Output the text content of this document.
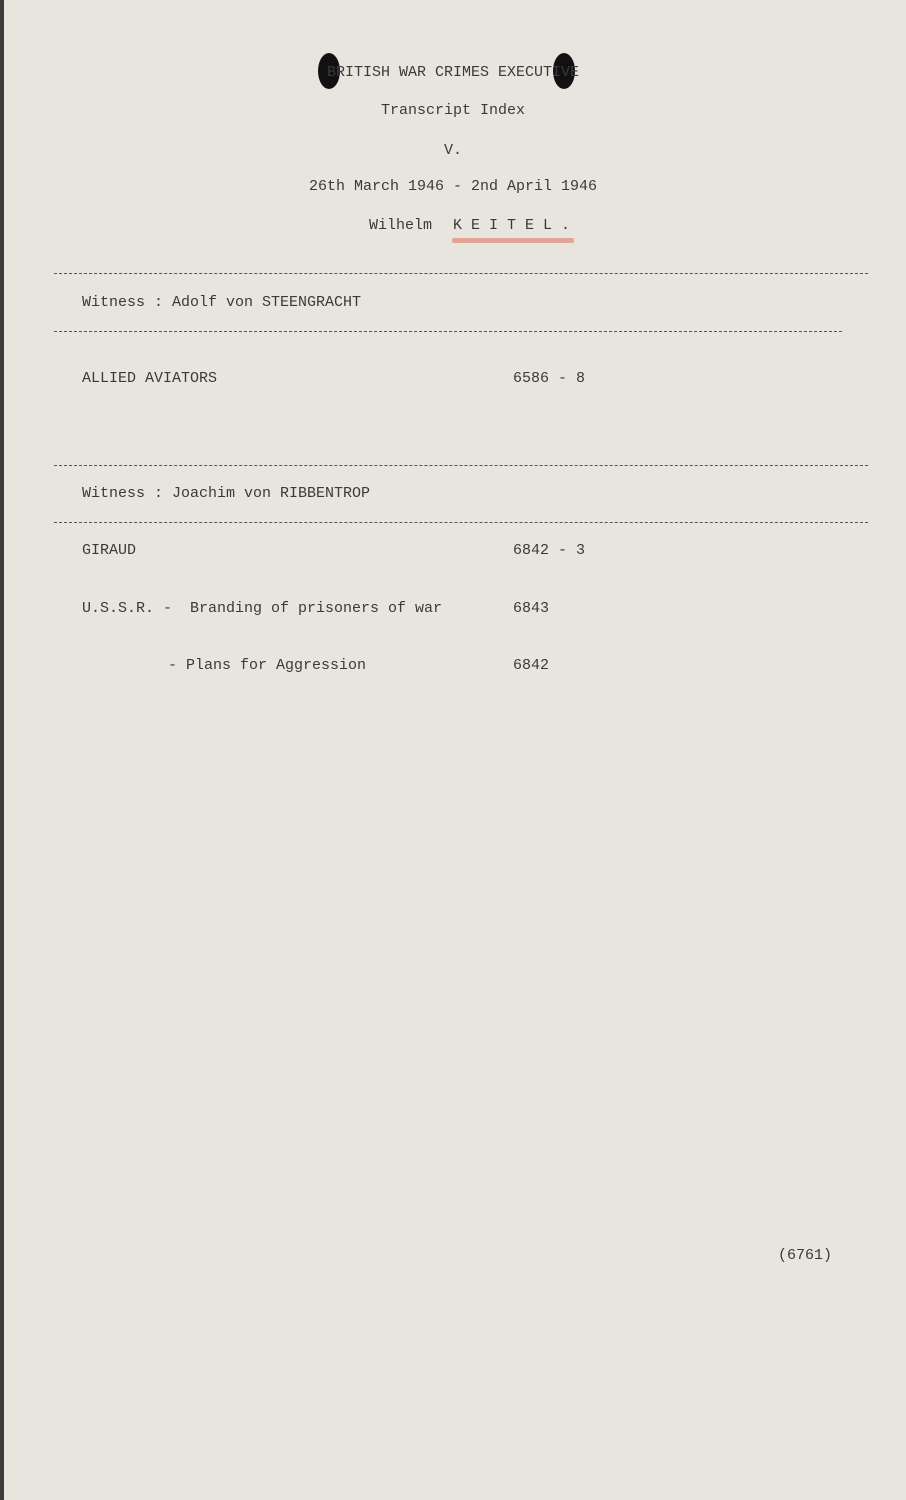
BRITISH WAR CRIMES EXECUTIVE
Transcript Index
V.
26th March 1946 - 2nd April 1946
Wilhelm K E I T E L .
Witness : Adolf von STEENGRACHT
ALLIED AVIATORS	6586 - 8
Witness : Joachim von RIBBENTROP
GIRAUD	6842 - 3
U.S.S.R. -  Branding of prisoners of war	6843
- Plans for Aggression	6842
(6761)
